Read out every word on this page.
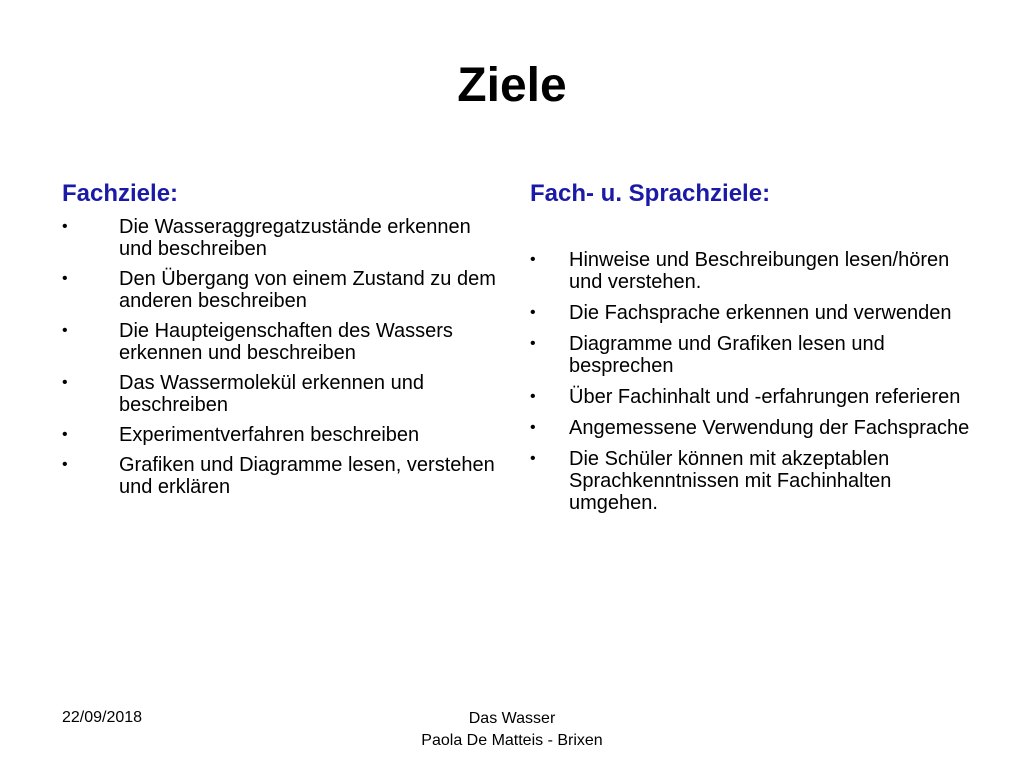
Ziele
Fachziele:
•	Die Wasseraggregatzustände erkennen und beschreiben
•	Den Übergang von einem Zustand zu dem anderen beschreiben
•	Die Haupteigenschaften des Wassers erkennen und beschreiben
•	Das Wassermolekül erkennen und beschreiben
•	Experimentverfahren beschreiben
•	Grafiken und Diagramme lesen, verstehen und erklären
Fach- u. Sprachziele:
• Hinweise und Beschreibungen lesen/hören und verstehen.
• Die Fachsprache erkennen und verwenden
• Diagramme und Grafiken lesen und besprechen
• Über Fachinhalt und -erfahrungen referieren
• Angemessene Verwendung der Fachsprache
• Die Schüler können mit akzeptablen Sprachkenntnissen mit Fachinhalten umgehen.
22/09/2018	Das Wasser
Paola De Matteis - Brixen
